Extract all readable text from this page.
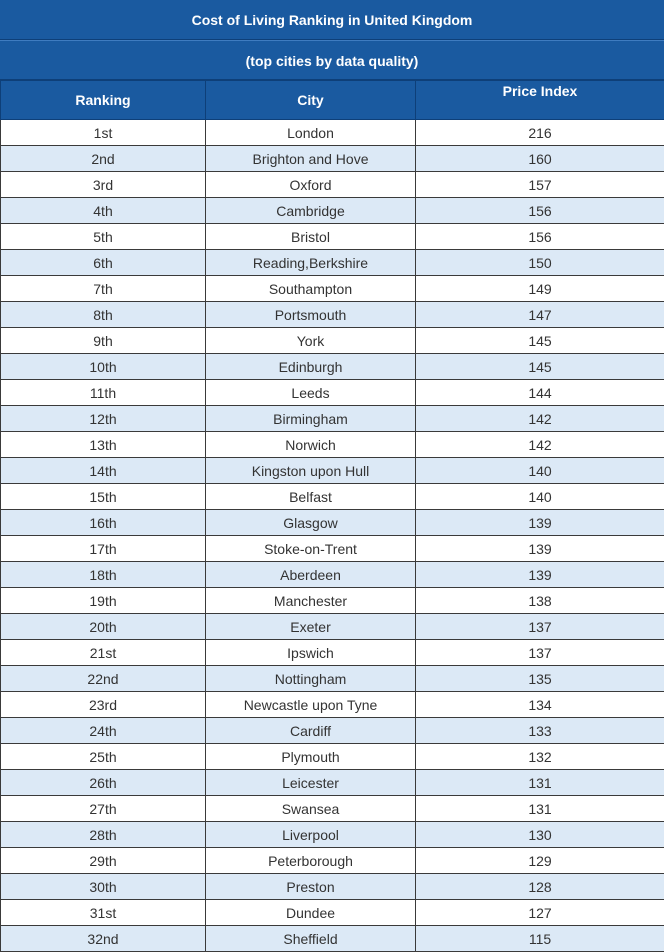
Cost of Living Ranking in United Kingdom
(top cities by data quality)
Ranking	City	Price Index
1st	London	216
2nd	Brighton and Hove	160
3rd	Oxford	157
4th	Cambridge	156
5th	Bristol	156
6th	Reading,Berkshire	150
7th	Southampton	149
8th	Portsmouth	147
9th	York	145
10th	Edinburgh	145
11th	Leeds	144
12th	Birmingham	142
13th	Norwich	142
14th	Kingston upon Hull	140
15th	Belfast	140
16th	Glasgow	139
17th	Stoke-on-Trent	139
18th	Aberdeen	139
19th	Manchester	138
20th	Exeter	137
21st	Ipswich	137
22nd	Nottingham	135
23rd	Newcastle upon Tyne	134
24th	Cardiff	133
25th	Plymouth	132
26th	Leicester	131
27th	Swansea	131
28th	Liverpool	130
29th	Peterborough	129
30th	Preston	128
31st	Dundee	127
32nd	Sheffield	115
